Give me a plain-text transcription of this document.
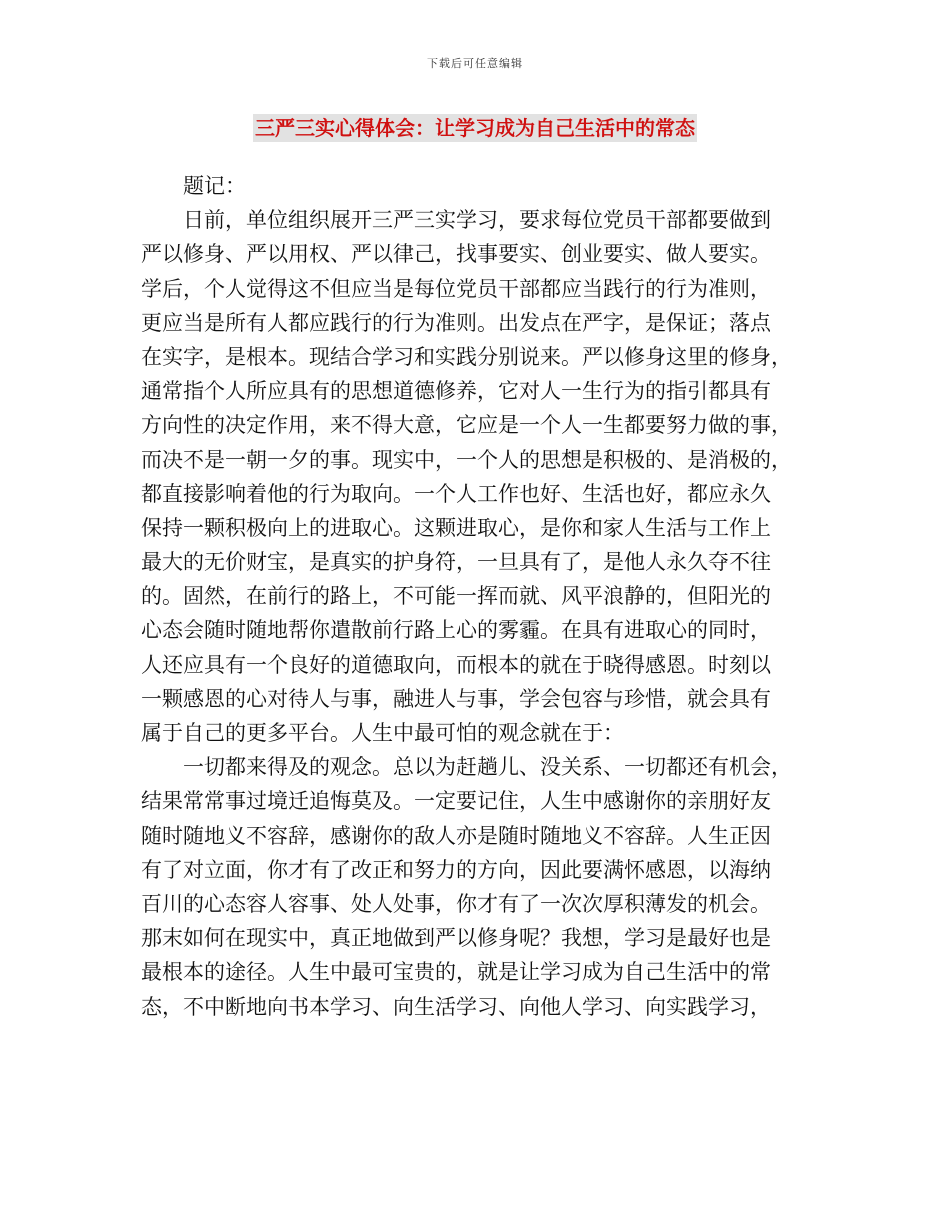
下载后可任意编辑
三严三实心得体会：让学习成为自己生活中的常态
题记：
日前，单位组织展开三严三实学习，要求每位党员干部都要做到
严以修身、严以用权、严以律己，找事要实、创业要实、做人要实。
学后，个人觉得这不但应当是每位党员干部都应当践行的行为准则，
更应当是所有人都应践行的行为准则。出发点在严字，是保证；落点
在实字，是根本。现结合学习和实践分别说来。严以修身这里的修身，
通常指个人所应具有的思想道德修养，它对人一生行为的指引都具有
方向性的决定作用，来不得大意，它应是一个人一生都要努力做的事，
而决不是一朝一夕的事。现实中，一个人的思想是积极的、是消极的，
都直接影响着他的行为取向。一个人工作也好、生活也好，都应永久
保持一颗积极向上的进取心。这颗进取心，是你和家人生活与工作上
最大的无价财宝，是真实的护身符，一旦具有了，是他人永久夺不往
的。固然，在前行的路上，不可能一挥而就、风平浪静的，但阳光的
心态会随时随地帮你遣散前行路上心的雾霾。在具有进取心的同时，
人还应具有一个良好的道德取向，而根本的就在于晓得感恩。时刻以
一颗感恩的心对待人与事，融进人与事，学会包容与珍惜，就会具有
属于自己的更多平台。人生中最可怕的观念就在于：
一切都来得及的观念。总以为赶趟儿、没关系、一切都还有机会，
结果常常事过境迁追悔莫及。一定要记住，人生中感谢你的亲朋好友
随时随地义不容辞，感谢你的敌人亦是随时随地义不容辞。人生正因
有了对立面，你才有了改正和努力的方向，因此要满怀感恩，以海纳
百川的心态容人容事、处人处事，你才有了一次次厚积薄发的机会。
那末如何在现实中，真正地做到严以修身呢？我想，学习是最好也是
最根本的途径。人生中最可宝贵的，就是让学习成为自己生活中的常
态，不中断地向书本学习、向生活学习、向他人学习、向实践学习，
